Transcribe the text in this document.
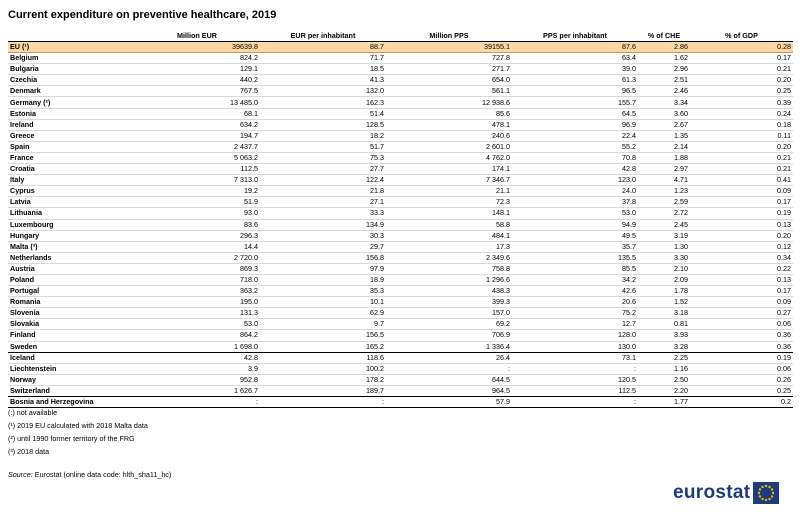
Current expenditure on preventive healthcare, 2019
	Million EUR	EUR per inhabitant	Million PPS	PPS per inhabitant	% of CHE	% of GDP
EU (¹)	39639.8	88.7	39155.1	87.6	2.86	0.28
Belgium	824.2	71.7	727.8	63.4	1.62	0.17
Bulgaria	129.1	18.5	271.7	39.0	2.96	0.21
Czechia	440.2	41.3	654.0	61.3	2.51	0.20
Denmark	767.5	132.0	561.1	96.5	2.46	0.25
Germany (²)	13 485.0	162.3	12 938.6	155.7	3.34	0.39
Estonia	68.1	51.4	85.6	64.5	3.60	0.24
Ireland	634.2	128.5	478.1	96.9	2.67	0.18
Greece	194.7	18.2	240.6	22.4	1.35	0.11
Spain	2 437.7	51.7	2 601.0	55.2	2.14	0.20
France	5 063.2	75.3	4 762.0	70.8	1.88	0.21
Croatia	112.5	27.7	174.1	42.8	2.97	0.21
Italy	7 313.0	122.4	7 346.7	123.0	4.71	0.41
Cyprus	19.2	21.8	21.1	24.0	1.23	0.09
Latvia	51.9	27.1	72.3	37.8	2.59	0.17
Lithuania	93.0	33.3	148.1	53.0	2.72	0.19
Luxembourg	83.6	134.9	58.8	94.9	2.45	0.13
Hungary	296.3	30.3	484.1	49.5	3.19	0.20
Malta (³)	14.4	29.7	17.3	35.7	1.30	0.12
Netherlands	2 720.0	156.8	2 349.6	135.5	3.30	0.34
Austria	869.3	97.9	758.8	85.5	2.10	0.22
Poland	718.0	18.9	1 296.6	34.2	2.09	0.13
Portugal	363.2	35.3	438.3	42.6	1.78	0.17
Romania	195.0	10.1	399.3	20.6	1.52	0.09
Slovenia	131.3	62.9	157.0	75.2	3.18	0.27
Slovakia	53.0	9.7	69.2	12.7	0.81	0.06
Finland	864.2	156.5	706.9	128.0	3.93	0.36
Sweden	1 698.0	165.2	1 336.4	130.0	3.28	0.36
Iceland	42.8	118.6	26.4	73.1	2.25	0.19
Liechtenstein	3.9	100.2	:	:	1.16	0.06
Norway	952.8	178.2	644.5	120.5	2.50	0.26
Switzerland	1 626.7	189.7	964.5	112.5	2.20	0.25
Bosnia and Herzegovina	:	:	57.9	:	1.77	0.2
(:) not available
(¹) 2019 EU calculated with 2018 Malta data
(²) until 1990 former territory of the FRG
(³) 2018 data
Source: Eurostat (online data code: hlth_sha11_hc)
eurostat
